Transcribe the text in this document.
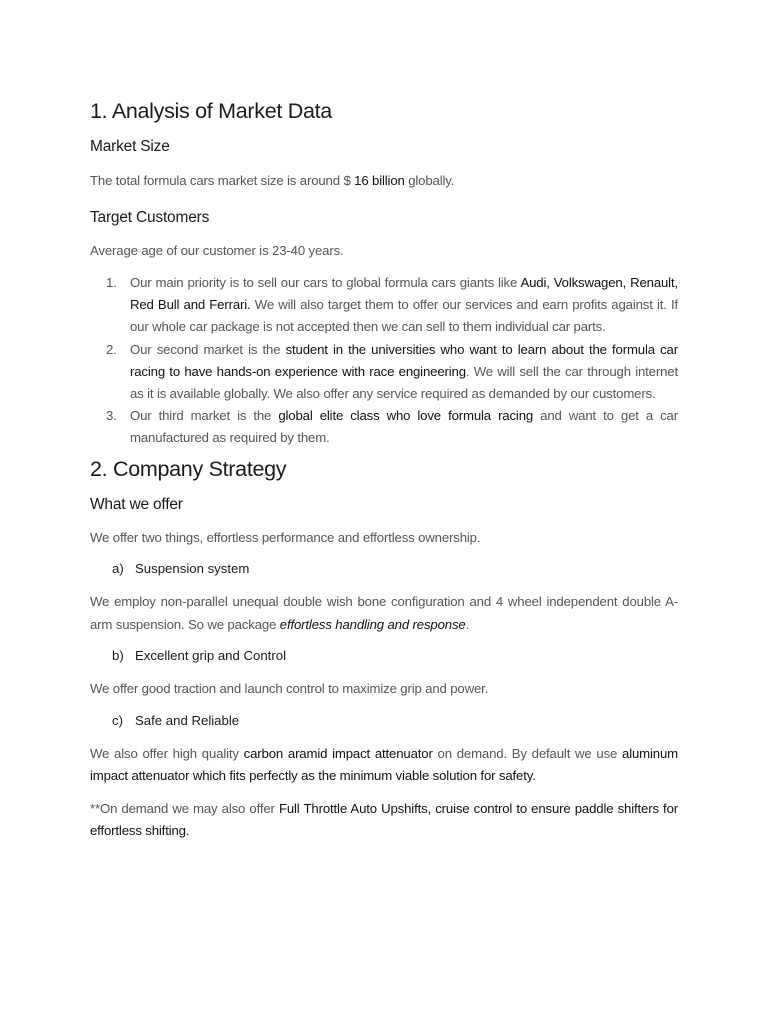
1. Analysis of Market Data
Market Size

The total formula cars market size is around $ 16 billion globally.

Target Customers

Average age of our customer is 23-40 years.

1. Our main priority is to sell our cars to global formula cars giants like Audi, Volkswagen, Renault, Red Bull and Ferrari. We will also target them to offer our services and earn profits against it. If our whole car package is not accepted then we can sell to them individual car parts.
2. Our second market is the student in the universities who want to learn about the formula car racing to have hands-on experience with race engineering. We will sell the car through internet as it is available globally. We also offer any service required as demanded by our customers.
3. Our third market is the global elite class who love formula racing and want to get a car manufactured as required by them.
2. Company Strategy
What we offer

We offer two things, effortless performance and effortless ownership.

a) Suspension system

We employ non-parallel unequal double wish bone configuration and 4 wheel independent double A-arm suspension. So we package effortless handling and response.

b) Excellent grip and Control

We offer good traction and launch control to maximize grip and power.

c) Safe and Reliable

We also offer high quality carbon aramid impact attenuator on demand. By default we use aluminum impact attenuator which fits perfectly as the minimum viable solution for safety.

**On demand we may also offer Full Throttle Auto Upshifts, cruise control to ensure paddle shifters for effortless shifting.
